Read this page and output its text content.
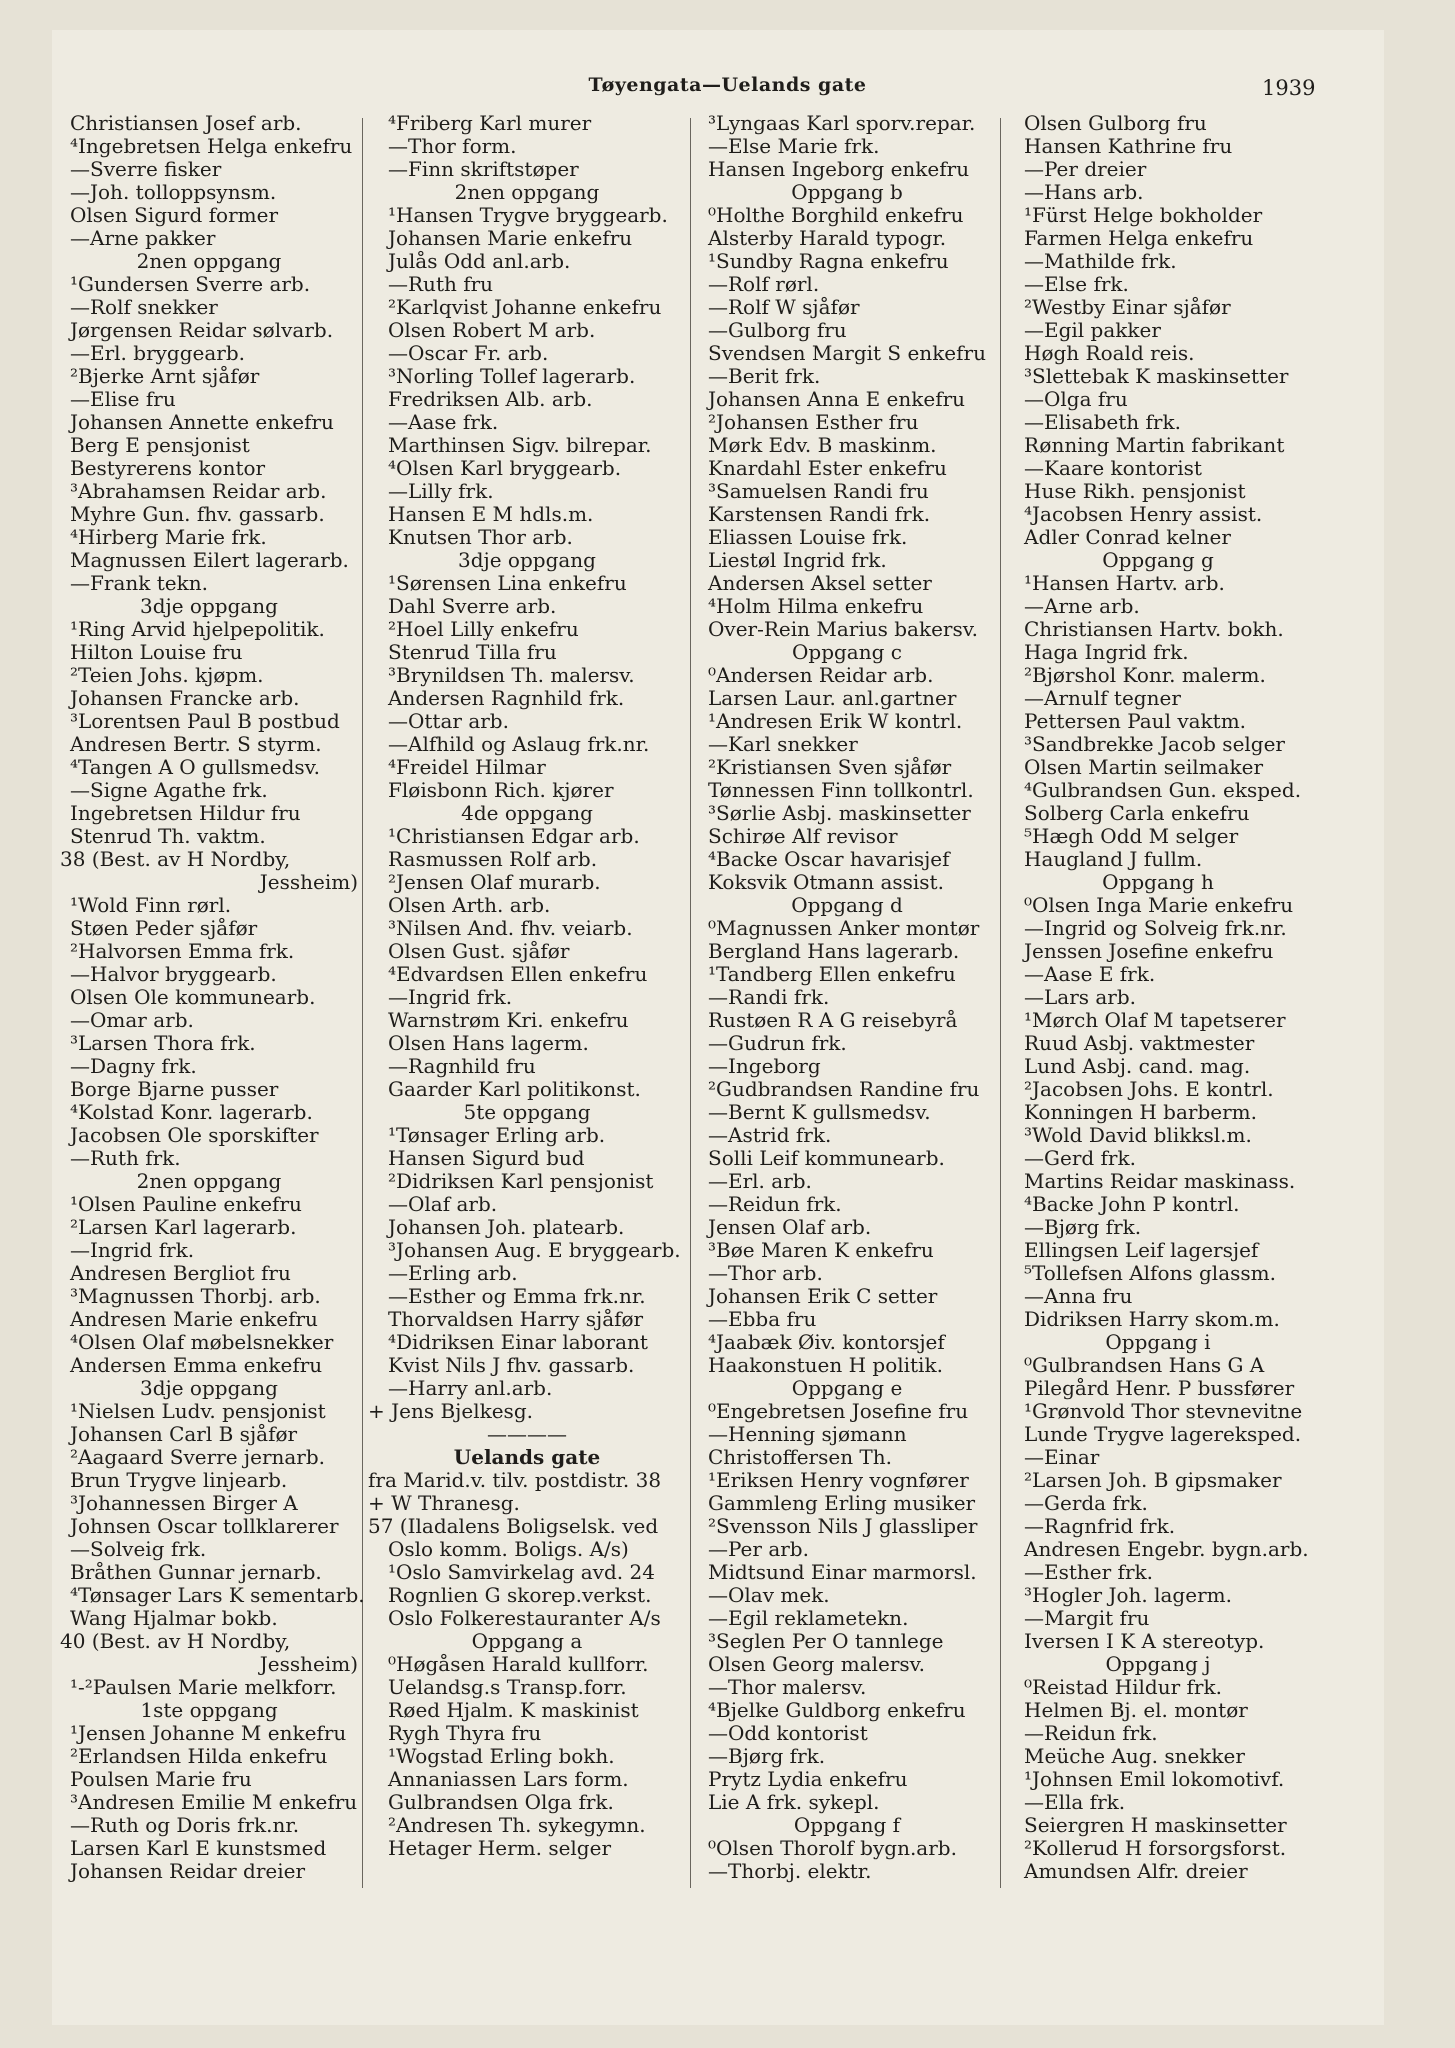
Tøyengata—Uelands gate	1939
Christiansen Josef arb.
⁴Ingebretsen Helga enkefru
—Sverre fisker
—Joh. tolloppsynsm.
Olsen Sigurd former
—Arne pakker
2nen oppgang
¹Gundersen Sverre arb.
—Rolf snekker
Jørgensen Reidar sølvarb.
—Erl. bryggearb.
²Bjerke Arnt sjåfør
—Elise fru
Johansen Annette enkefru
Berg E pensjonist
Bestyrerens kontor
³Abrahamsen Reidar arb.
Myhre Gun. fhv. gassarb.
⁴Hirberg Marie frk.
Magnussen Eilert lagerarb.
—Frank tekn.
3dje oppgang
¹Ring Arvid hjelpepolitik.
Hilton Louise fru
²Teien Johs. kjøpm.
Johansen Francke arb.
³Lorentsen Paul B postbud
Andresen Bertr. S styrm.
⁴Tangen A O gullsmedsv.
—Signe Agathe frk.
Ingebretsen Hildur fru
Stenrud Th. vaktm.
38 (Best. av H Nordby,
Jessheim)
¹Wold Finn rørl.
Støen Peder sjåfør
²Halvorsen Emma frk.
—Halvor bryggearb.
Olsen Ole kommunearb.
—Omar arb.
³Larsen Thora frk.
—Dagny frk.
Borge Bjarne pusser
⁴Kolstad Konr. lagerarb.
Jacobsen Ole sporskifter
—Ruth frk.
2nen oppgang
¹Olsen Pauline enkefru
²Larsen Karl lagerarb.
—Ingrid frk.
Andresen Bergliot fru
³Magnussen Thorbj. arb.
Andresen Marie enkefru
⁴Olsen Olaf møbelsnekker
Andersen Emma enkefru
3dje oppgang
¹Nielsen Ludv. pensjonist
Johansen Carl B sjåfør
²Aagaard Sverre jernarb.
Brun Trygve linjearb.
³Johannessen Birger A
Johnsen Oscar tollklarerer
—Solveig frk.
Bråthen Gunnar jernarb.
⁴Tønsager Lars K sementarb.
Wang Hjalmar bokb.
40 (Best. av H Nordby,
Jessheim)
¹-²Paulsen Marie melkforr.
1ste oppgang
¹Jensen Johanne M enkefru
²Erlandsen Hilda enkefru
Poulsen Marie fru
³Andresen Emilie M enkefru
—Ruth og Doris frk.nr.
Larsen Karl E kunstsmed
Johansen Reidar dreier
⁴Friberg Karl murer
—Thor form.
—Finn skriftstøper
2nen oppgang
¹Hansen Trygve bryggearb.
Johansen Marie enkefru
Julås Odd anl.arb.
—Ruth fru
²Karlqvist Johanne enkefru
Olsen Robert M arb.
—Oscar Fr. arb.
³Norling Tollef lagerarb.
Fredriksen Alb. arb.
—Aase frk.
Marthinsen Sigv. bilrepar.
⁴Olsen Karl bryggearb.
—Lilly frk.
Hansen E M hdls.m.
Knutsen Thor arb.
3dje oppgang
¹Sørensen Lina enkefru
Dahl Sverre arb.
²Hoel Lilly enkefru
Stenrud Tilla fru
³Brynildsen Th. malersv.
Andersen Ragnhild frk.
—Ottar arb.
—Alfhild og Aslaug frk.nr.
⁴Freidel Hilmar
Fløisbonn Rich. kjører
4de oppgang
¹Christiansen Edgar arb.
Rasmussen Rolf arb.
²Jensen Olaf murarb.
Olsen Arth. arb.
³Nilsen And. fhv. veiarb.
Olsen Gust. sjåfør
⁴Edvardsen Ellen enkefru
—Ingrid frk.
Warnstrøm Kri. enkefru
Olsen Hans lagerm.
—Ragnhild fru
Gaarder Karl politikonst.
5te oppgang
¹Tønsager Erling arb.
Hansen Sigurd bud
²Didriksen Karl pensjonist
—Olaf arb.
Johansen Joh. platearb.
³Johansen Aug. E bryggearb.
—Erling arb.
—Esther og Emma frk.nr.
Thorvaldsen Harry sjåfør
⁴Didriksen Einar laborant
Kvist Nils J fhv. gassarb.
—Harry anl.arb.
+ Jens Bjelkesg.
————
Uelands gate
fra Marid.v. tilv. postdistr. 38
+ W Thranesg.
57 (Iladalens Boligselsk. ved
Oslo komm. Boligs. A/s)
¹Oslo Samvirkelag avd. 24
Rognlien G skorep.verkst.
Oslo Folkerestauranter A/s
Oppgang a
⁰Høgåsen Harald kullforr.
Uelandsg.s Transp.forr.
Røed Hjalm. K maskinist
Rygh Thyra fru
¹Wogstad Erling bokh.
Annaniassen Lars form.
Gulbrandsen Olga frk.
²Andresen Th. sykegymn.
Hetager Herm. selger
³Lyngaas Karl sporv.repar.
—Else Marie frk.
Hansen Ingeborg enkefru
Oppgang b
⁰Holthe Borghild enkefru
Alsterby Harald typogr.
¹Sundby Ragna enkefru
—Rolf rørl.
—Rolf W sjåfør
—Gulborg fru
Svendsen Margit S enkefru
—Berit frk.
Johansen Anna E enkefru
²Johansen Esther fru
Mørk Edv. B maskinm.
Knardahl Ester enkefru
³Samuelsen Randi fru
Karstensen Randi frk.
Eliassen Louise frk.
Liestøl Ingrid frk.
Andersen Aksel setter
⁴Holm Hilma enkefru
Over-Rein Marius bakersv.
Oppgang c
⁰Andersen Reidar arb.
Larsen Laur. anl.gartner
¹Andresen Erik W kontrl.
—Karl snekker
²Kristiansen Sven sjåfør
Tønnessen Finn tollkontrl.
³Sørlie Asbj. maskinsetter
Schirøe Alf revisor
⁴Backe Oscar havarisjef
Koksvik Otmann assist.
Oppgang d
⁰Magnussen Anker montør
Bergland Hans lagerarb.
¹Tandberg Ellen enkefru
—Randi frk.
Rustøen R A G reisebyrå
—Gudrun frk.
—Ingeborg
²Gudbrandsen Randine fru
—Bernt K gullsmedsv.
—Astrid frk.
Solli Leif kommunearb.
—Erl. arb.
—Reidun frk.
Jensen Olaf arb.
³Bøe Maren K enkefru
—Thor arb.
Johansen Erik C setter
—Ebba fru
⁴Jaabæk Øiv. kontorsjef
Haakonstuen H politik.
Oppgang e
⁰Engebretsen Josefine fru
—Henning sjømann
Christoffersen Th.
¹Eriksen Henry vognfører
Gammleng Erling musiker
²Svensson Nils J glassliper
—Per arb.
Midtsund Einar marmorsl.
—Olav mek.
—Egil reklametekn.
³Seglen Per O tannlege
Olsen Georg malersv.
—Thor malersv.
⁴Bjelke Guldborg enkefru
—Odd kontorist
—Bjørg frk.
Prytz Lydia enkefru
Lie A frk. sykepl.
Oppgang f
⁰Olsen Thorolf bygn.arb.
—Thorbj. elektr.
Olsen Gulborg fru
Hansen Kathrine fru
—Per dreier
—Hans arb.
¹Fürst Helge bokholder
Farmen Helga enkefru
—Mathilde frk.
—Else frk.
²Westby Einar sjåfør
—Egil pakker
Høgh Roald reis.
³Slettebak K maskinsetter
—Olga fru
—Elisabeth frk.
Rønning Martin fabrikant
—Kaare kontorist
Huse Rikh. pensjonist
⁴Jacobsen Henry assist.
Adler Conrad kelner
Oppgang g
¹Hansen Hartv. arb.
—Arne arb.
Christiansen Hartv. bokh.
Haga Ingrid frk.
²Bjørshol Konr. malerm.
—Arnulf tegner
Pettersen Paul vaktm.
³Sandbrekke Jacob selger
Olsen Martin seilmaker
⁴Gulbrandsen Gun. eksped.
Solberg Carla enkefru
⁵Hægh Odd M selger
Haugland J fullm.
Oppgang h
⁰Olsen Inga Marie enkefru
—Ingrid og Solveig frk.nr.
Jenssen Josefine enkefru
—Aase E frk.
—Lars arb.
¹Mørch Olaf M tapetserer
Ruud Asbj. vaktmester
Lund Asbj. cand. mag.
²Jacobsen Johs. E kontrl.
Konningen H barberm.
³Wold David blikksl.m.
—Gerd frk.
Martins Reidar maskinass.
⁴Backe John P kontrl.
—Bjørg frk.
Ellingsen Leif lagersjef
⁵Tollefsen Alfons glassm.
—Anna fru
Didriksen Harry skom.m.
Oppgang i
⁰Gulbrandsen Hans G A
Pilegård Henr. P bussfører
¹Grønvold Thor stevnevitne
Lunde Trygve lagereksped.
—Einar
²Larsen Joh. B gipsmaker
—Gerda frk.
—Ragnfrid frk.
Andresen Engebr. bygn.arb.
—Esther frk.
³Hogler Joh. lagerm.
—Margit fru
Iversen I K A stereotyp.
Oppgang j
⁰Reistad Hildur frk.
Helmen Bj. el. montør
—Reidun frk.
Meüche Aug. snekker
¹Johnsen Emil lokomotivf.
—Ella frk.
Seiergren H maskinsetter
²Kollerud H forsorgsforst.
Amundsen Alfr. dreier
